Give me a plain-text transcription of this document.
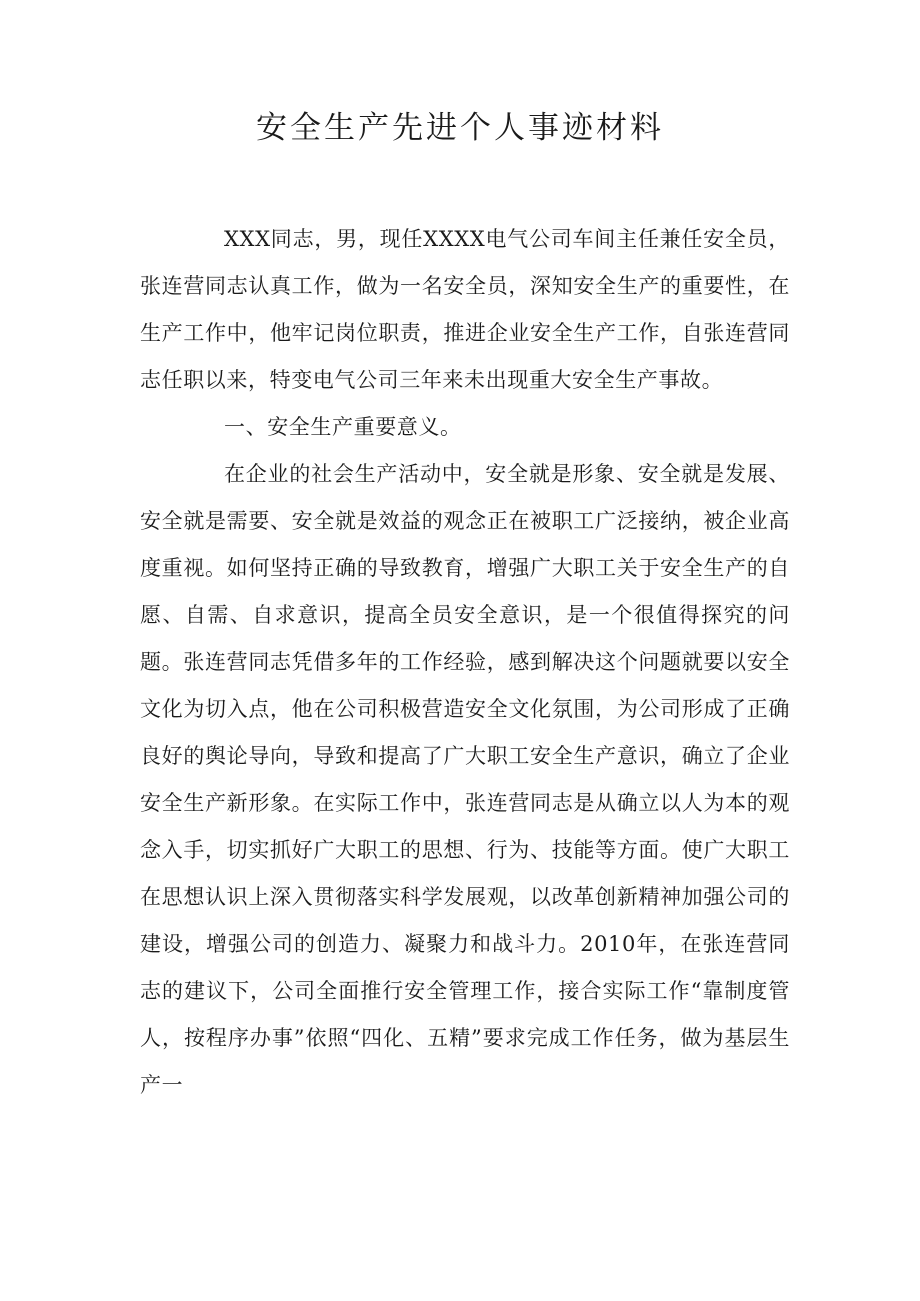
安全生产先进个人事迹材料

XXX同志，男，现任XXXX电气公司车间主任兼任安全员，张连营同志认真工作，做为一名安全员，深知安全生产的重要性，在生产工作中，他牢记岗位职责，推进企业安全生产工作，自张连营同志任职以来，特变电气公司三年来未出现重大安全生产事故。

一、安全生产重要意义。

在企业的社会生产活动中，安全就是形象、安全就是发展、安全就是需要、安全就是效益的观念正在被职工广泛接纳，被企业高度重视。如何坚持正确的导致教育，增强广大职工关于安全生产的自愿、自需、自求意识，提高全员安全意识，是一个很值得探究的问题。张连营同志凭借多年的工作经验，感到解决这个问题就要以安全文化为切入点，他在公司积极营造安全文化氛围，为公司形成了正确良好的舆论导向，导致和提高了广大职工安全生产意识，确立了企业安全生产新形象。在实际工作中，张连营同志是从确立以人为本的观念入手，切实抓好广大职工的思想、行为、技能等方面。使广大职工在思想认识上深入贯彻落实科学发展观，以改革创新精神加强公司的建设，增强公司的创造力、凝聚力和战斗力。2010年，在张连营同志的建议下，公司全面推行安全管理工作，接合实际工作“靠制度管人，按程序办事”依照“四化、五精”要求完成工作任务，做为基层生产一
